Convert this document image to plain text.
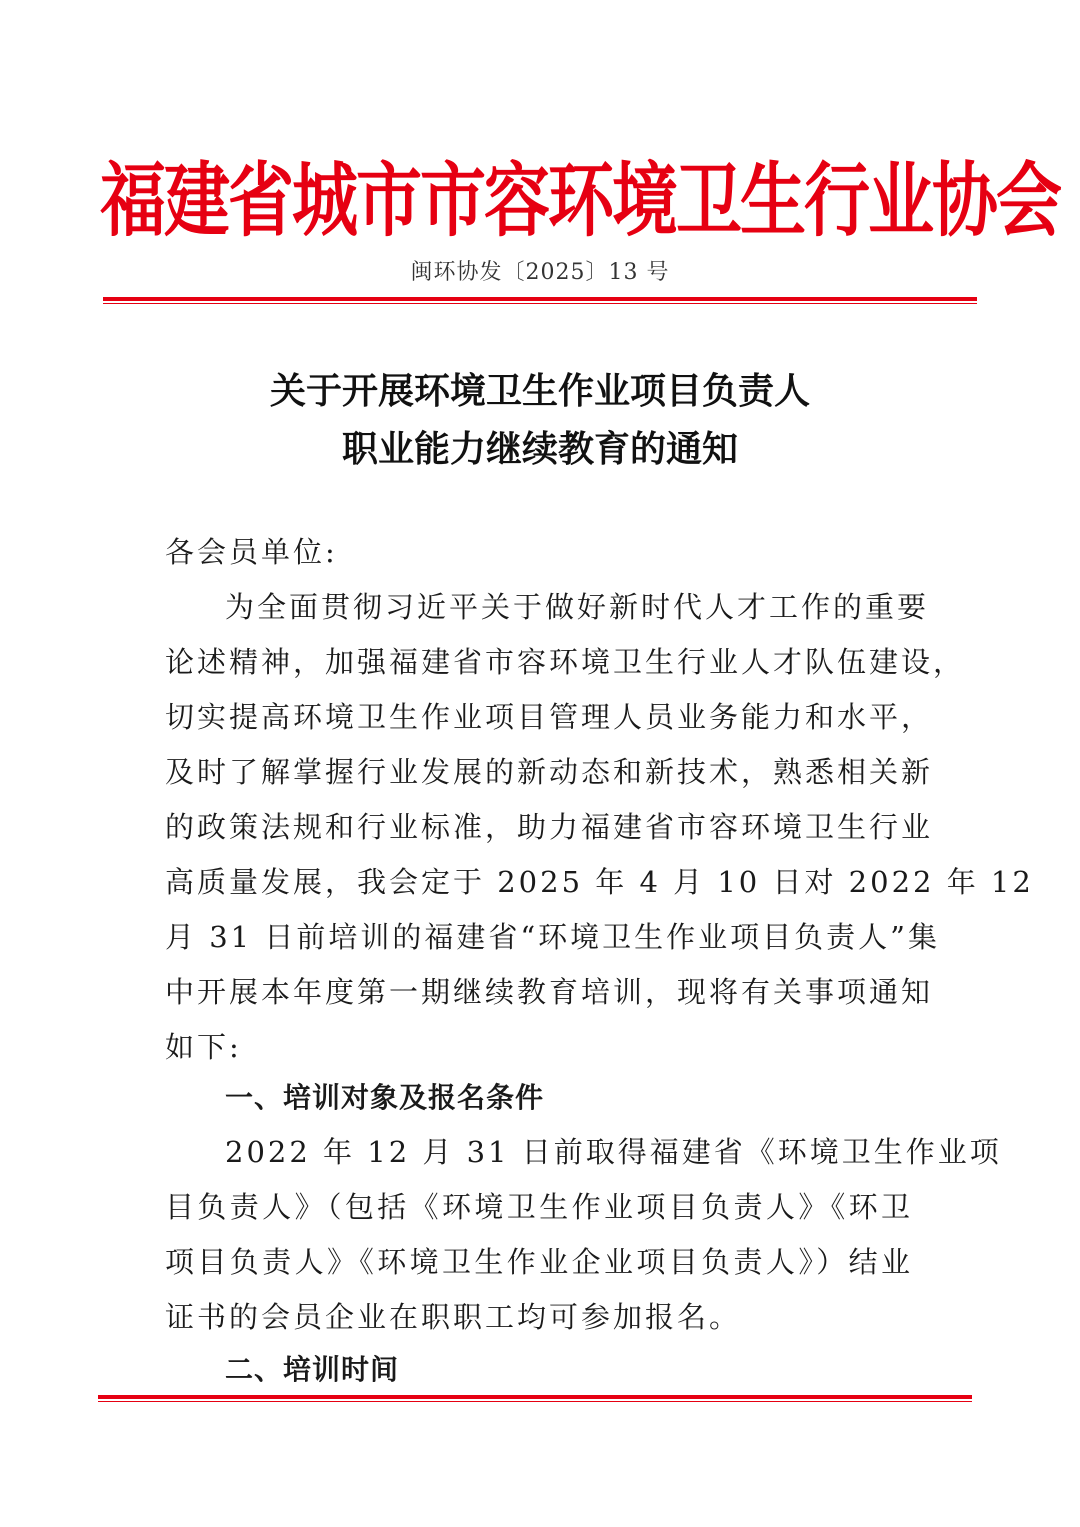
福建省城市市容环境卫生行业协会
闽环协发〔2025〕13 号
关于开展环境卫生作业项目负责人
职业能力继续教育的通知
各会员单位:
为全面贯彻习近平关于做好新时代人才工作的重要
论述精神，加强福建省市容环境卫生行业人才队伍建设，
切实提高环境卫生作业项目管理人员业务能力和水平，
及时了解掌握行业发展的新动态和新技术，熟悉相关新
的政策法规和行业标准，助力福建省市容环境卫生行业
高质量发展，我会定于 2025 年 4 月 10 日对 2022 年 12
月 31 日前培训的福建省“环境卫生作业项目负责人”集
中开展本年度第一期继续教育培训，现将有关事项通知
如下:
一、培训对象及报名条件
2022 年 12 月 31 日前取得福建省《环境卫生作业项
目负责人》（包括《环境卫生作业项目负责人》《环卫
项目负责人》《环境卫生作业企业项目负责人》）结业
证书的会员企业在职职工均可参加报名。
二、培训时间
